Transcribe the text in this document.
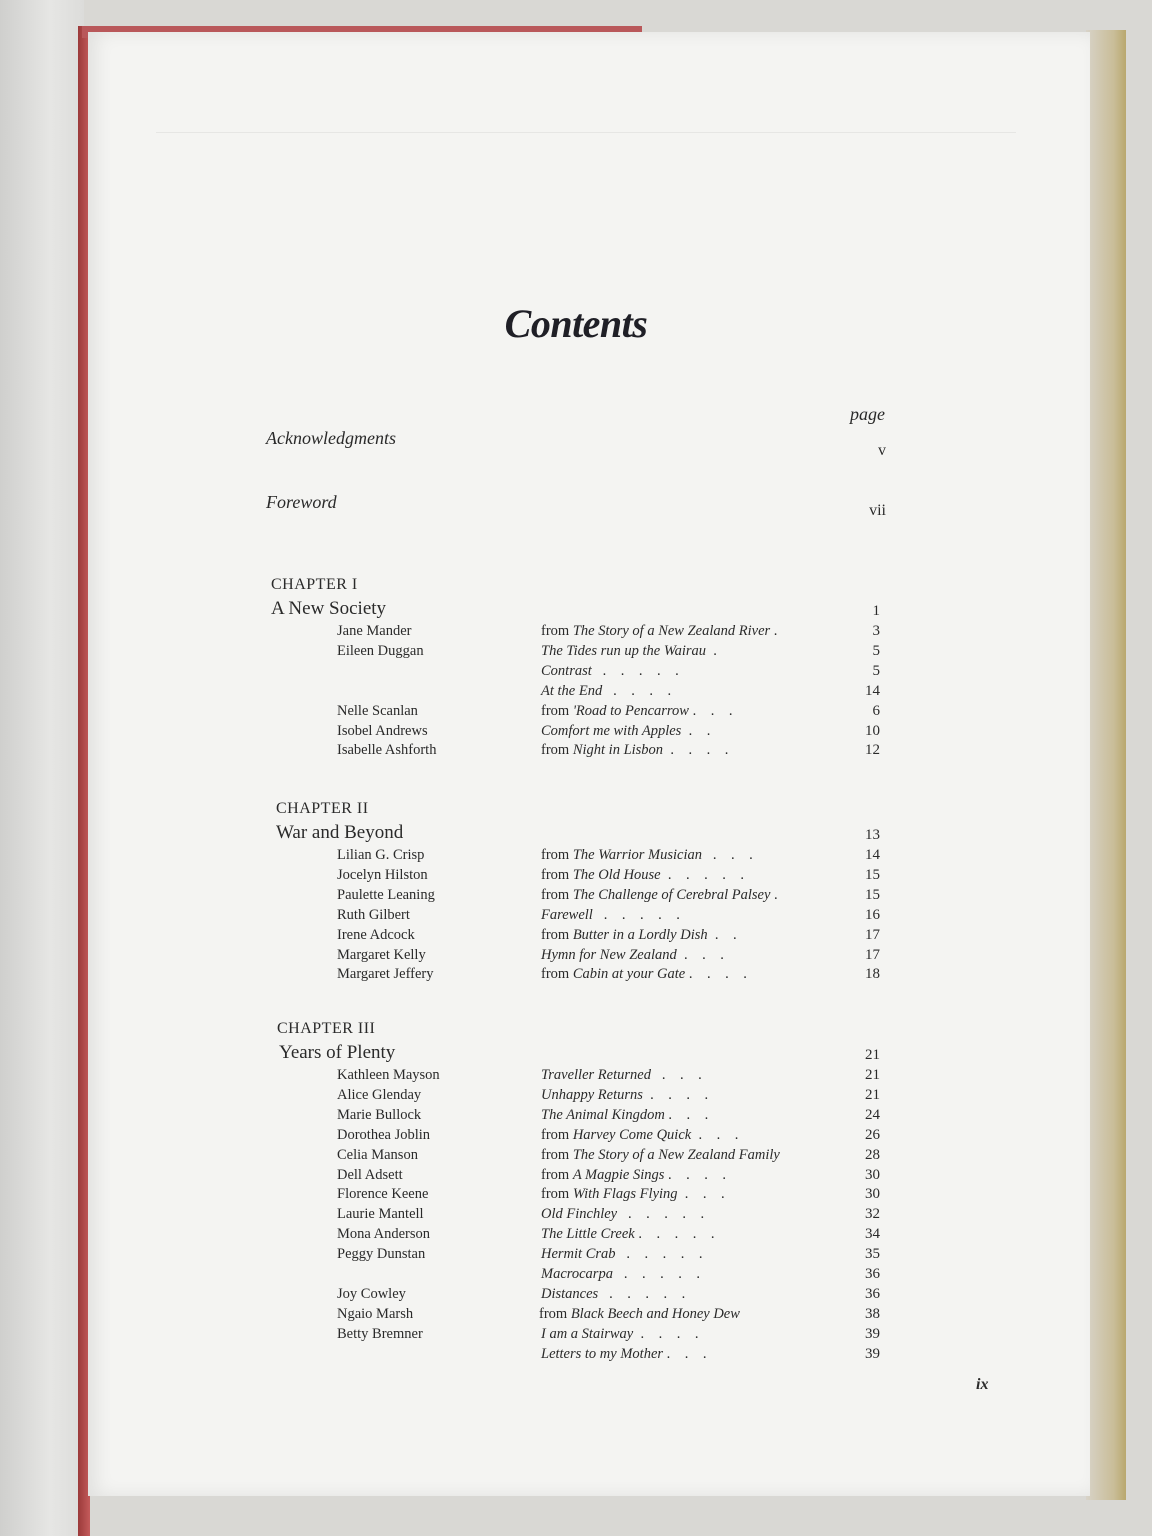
Contents
page
Acknowledgments
v
Foreword	vii
CHAPTER I
A New Society	1
Jane Mander	from The Story of a New Zealand River .	3
Eileen Duggan	The Tides run up the Wairau  .	5
Contrast   .    .    .    .    .	5
At the End   .    .    .    .	14
Nelle Scanlan	from 'Road to Pencarrow .    .    .	6
Isobel Andrews	Comfort me with Apples  .    .	10
Isabelle Ashforth	from Night in Lisbon  .    .    .    .	12
CHAPTER II
War and Beyond	13
Lilian G. Crisp	from The Warrior Musician   .    .    .	14
Jocelyn Hilston	from The Old House  .    .    .    .    .	15
Paulette Leaning	from The Challenge of Cerebral Palsey .	15
Ruth Gilbert	Farewell   .    .    .    .    .	16
Irene Adcock	from Butter in a Lordly Dish  .    .	17
Margaret Kelly	Hymn for New Zealand  .    .    .	17
Margaret Jeffery	from Cabin at your Gate .    .    .    .	18
CHAPTER III
Years of Plenty	21
Kathleen Mayson	Traveller Returned   .    .    .	21
Alice Glenday	Unhappy Returns  .    .    .    .	21
Marie Bullock	The Animal Kingdom .    .    .	24
Dorothea Joblin	from Harvey Come Quick  .    .    .	26
Celia Manson	from The Story of a New Zealand Family	28
Dell Adsett	from A Magpie Sings .    .    .    .	30
Florence Keene	from With Flags Flying  .    .    .	30
Laurie Mantell	Old Finchley   .    .    .    .    .	32
Mona Anderson	The Little Creek .    .    .    .    .	34
Peggy Dunstan	Hermit Crab   .    .    .    .    .	35
Macrocarpa   .    .    .    .    .	36
Joy Cowley	Distances   .    .    .    .    .	36
Ngaio Marsh	from Black Beech and Honey Dew	38
Betty Bremner	I am a Stairway  .    .    .    .	39
Letters to my Mother .    .    .	39
ix
